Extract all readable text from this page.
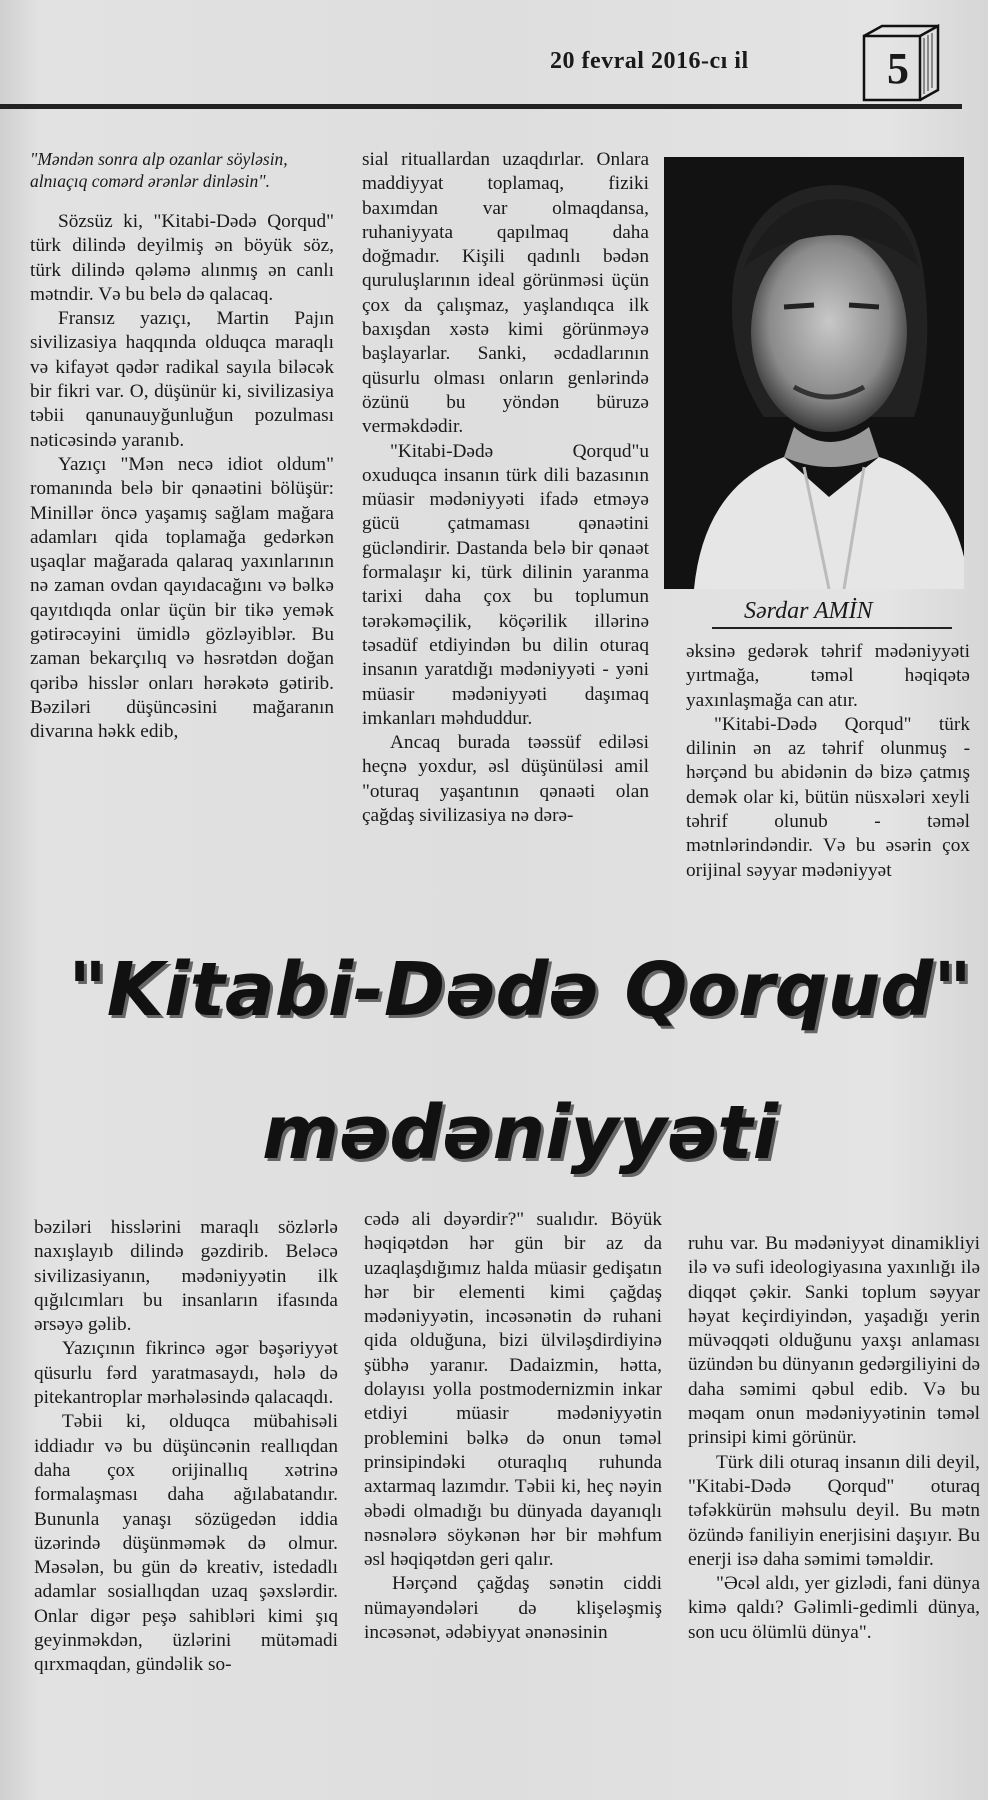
20 fevral 2016-cı il	5

"Məndən sonra alp ozanlar söyləsin, alnıaçıq comərd ərənlər dinləsin".

Sözsüz ki, "Kitabi-Dədə Qorqud" türk dilində deyilmiş ən böyük söz, türk dilində qələmə alınmış ən canlı mətndir. Və bu belə də qalacaq.

Fransız yazıçı, Martin Pajın sivilizasiya haqqında olduqca maraqlı və kifayət qədər radikal sayıla biləcək bir fikri var. O, düşünür ki, sivilizasiya təbii qanunauyğunluğun pozulması nəticəsində yaranıb.

Yazıçı "Mən necə idiot oldum" romanında belə bir qənaətini bölüşür: Minillər öncə yaşamış sağlam mağara adamları qida toplamağa gedərkən uşaqlar mağarada qalaraq yaxınlarının nə zaman ovdan qayıdacağını və bəlkə qayıtdıqda onlar üçün bir tikə yemək gətirəcəyini ümidlə gözləyiblər. Bu zaman bekarçılıq və həsrətdən doğan qəribə hisslər onları hərəkətə gətirib. Bəziləri düşüncəsini mağaranın divarına həkk edib,

sial rituallardan uzaqdırlar. Onlara maddiyyat toplamaq, fiziki baxımdan var olmaqdansa, ruhaniyyata qapılmaq daha doğmadır. Kişili qadınlı bədən quruluşlarının ideal görünməsi üçün çox da çalışmaz, yaşlandıqca ilk baxışdan xəstə kimi görünməyə başlayarlar. Sanki, əcdadlarının qüsurlu olması onların genlərində özünü bu yöndən büruzə verməkdədir.

"Kitabi-Dədə Qorqud"u oxuduqca insanın türk dili bazasının müasir mədəniyyəti ifadə etməyə gücü çatmaması qənaətini gücləndirir. Dastanda belə bir qənaət formalaşır ki, türk dilinin yaranma tarixi daha çox bu toplumun tərəkəməçilik, köçərilik illərinə təsadüf etdiyindən bu dilin oturaq insanın yaratdığı mədəniyyəti - yəni müasir mədəniyyəti daşımaq imkanları məhduddur.

Ancaq burada təəssüf ediləsi heçnə yoxdur, əsl düşünüləsi amil "oturaq yaşantının qənaəti olan çağdaş sivilizasiya nə dərə-

Sərdar AMİN

əksinə gedərək təhrif mədəniyyəti yırtmağa, təməl həqiqətə yaxınlaşmağa can atır.

"Kitabi-Dədə Qorqud" türk dilinin ən az təhrif olunmuş - hərçənd bu abidənin də bizə çatmış demək olar ki, bütün nüsxələri xeyli təhrif olunub - təməl mətnlərindəndir. Və bu əsərin çox orijinal səyyar mədəniyyət

"Kitabi-Dədə Qorqud"
mədəniyyəti

bəziləri hisslərini maraqlı sözlərlə naxışlayıb dilində gəzdirib. Beləcə sivilizasiyanın, mədəniyyətin ilk qığılcımları bu insanların ifasında ərsəyə gəlib.

Yazıçının fikrincə əgər bəşəriyyət qüsurlu fərd yaratmasaydı, hələ də pitekantroplar mərhələsində qalacaqdı.

Təbii ki, olduqca mübahisəli iddiadır və bu düşüncənin reallıqdan daha çox orijinallıq xətrinə formalaşması daha ağılabatandır. Bununla yanaşı sözügedən iddia üzərində düşünməmək də olmur. Məsələn, bu gün də kreativ, istedadlı adamlar sosiallıqdan uzaq şəxslərdir. Onlar digər peşə sahibləri kimi şıq geyinməkdən, üzlərini mütəmadi qırxmaqdan, gündəlik so-

cədə ali dəyərdir?" sualıdır. Böyük həqiqətdən hər gün bir az da uzaqlaşdığımız halda müasir gedişatın hər bir elementi kimi çağdaş mədəniyyətin, incəsənətin də ruhani qida olduğuna, bizi ülviləşdirdiyinə şübhə yaranır. Dadaizmin, hətta, dolayısı yolla postmodernizmin inkar etdiyi müasir mədəniyyətin problemini bəlkə də onun təməl prinsipindəki oturaqlıq ruhunda axtarmaq lazımdır. Təbii ki, heç nəyin əbədi olmadığı bu dünyada dayanıqlı nəsnələrə söykənən hər bir məhfum əsl həqiqətdən geri qalır.

Hərçənd çağdaş sənətin ciddi nümayəndələri də klişeləşmiş incəsənət, ədəbiyyat ənənəsinin

ruhu var. Bu mədəniyyət dinamikliyi ilə və sufi ideologiyasına yaxınlığı ilə diqqət çəkir. Sanki toplum səyyar həyat keçirdiyindən, yaşadığı yerin müvəqqəti olduğunu yaxşı anlaması üzündən bu dünyanın gedərgiliyini də daha səmimi qəbul edib. Və bu məqam onun mədəniyyətinin təməl prinsipi kimi görünür.

Türk dili oturaq insanın dili deyil, "Kitabi-Dədə Qorqud" oturaq təfəkkürün məhsulu deyil. Bu mətn özündə faniliyin enerjisini daşıyır. Bu enerji isə daha səmimi təməldir.

"Əcəl aldı, yer gizlədi, fani dünya kimə qaldı? Gəlimli-gedimli dünya, son ucu ölümlü dünya".
